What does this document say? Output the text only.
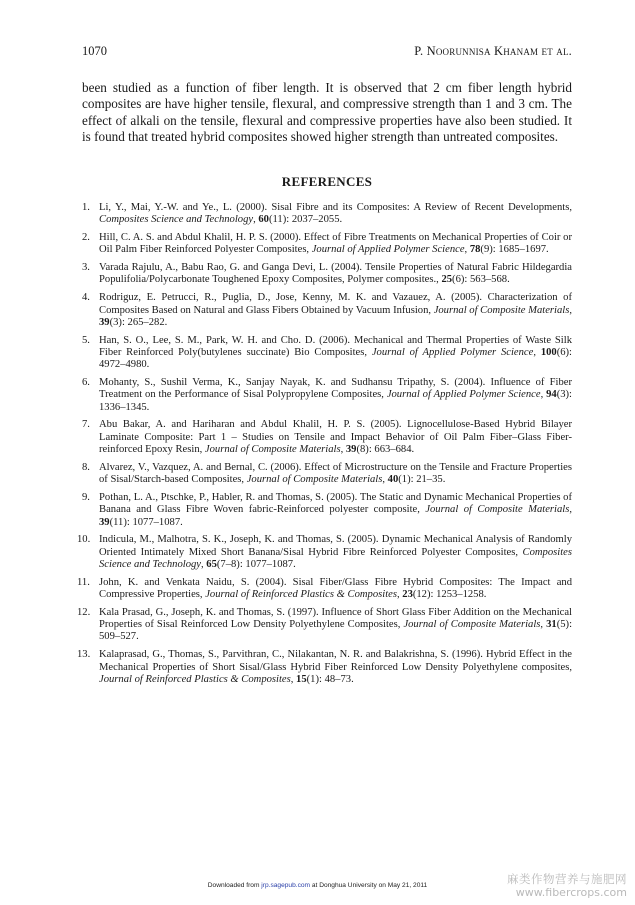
1070	P. Noorunnisa Khanam et al.

been studied as a function of fiber length. It is observed that 2 cm fiber length hybrid composites are have higher tensile, flexural, and compressive strength than 1 and 3 cm. The effect of alkali on the tensile, flexural and compressive properties have also been studied. It is found that treated hybrid composites showed higher strength than untreated composites.

REFERENCES
1. Li, Y., Mai, Y.-W. and Ye., L. (2000). Sisal Fibre and its Composites: A Review of Recent Developments, Composites Science and Technology, 60(11): 2037–2055.
2. Hill, C. A. S. and Abdul Khalil, H. P. S. (2000). Effect of Fibre Treatments on Mechanical Properties of Coir or Oil Palm Fiber Reinforced Polyester Composites, Journal of Applied Polymer Science, 78(9): 1685–1697.
3. Varada Rajulu, A., Babu Rao, G. and Ganga Devi, L. (2004). Tensile Properties of Natural Fabric Hildegardia Populifolia/Polycarbonate Toughened Epoxy Composites, Polymer composites., 25(6): 563–568.
4. Rodriguz, E. Petrucci, R., Puglia, D., Jose, Kenny, M. K. and Vazauez, A. (2005). Characterization of Composites Based on Natural and Glass Fibers Obtained by Vacuum Infusion, Journal of Composite Materials, 39(3): 265–282.
5. Han, S. O., Lee, S. M., Park, W. H. and Cho. D. (2006). Mechanical and Thermal Properties of Waste Silk Fiber Reinforced Poly(butylenes succinate) Bio Composites, Journal of Applied Polymer Science, 100(6): 4972–4980.
6. Mohanty, S., Sushil Verma, K., Sanjay Nayak, K. and Sudhansu Tripathy, S. (2004). Influence of Fiber Treatment on the Performance of Sisal Polypropylene Composites, Journal of Applied Polymer Science, 94(3): 1336–1345.
7. Abu Bakar, A. and Hariharan and Abdul Khalil, H. P. S. (2005). Lignocellulose-Based Hybrid Bilayer Laminate Composite: Part 1 – Studies on Tensile and Impact Behavior of Oil Palm Fiber–Glass Fiber-reinforced Epoxy Resin, Journal of Composite Materials, 39(8): 663–684.
8. Alvarez, V., Vazquez, A. and Bernal, C. (2006). Effect of Microstructure on the Tensile and Fracture Properties of Sisal/Starch-based Composites, Journal of Composite Materials, 40(1): 21–35.
9. Pothan, L. A., Ptschke, P., Habler, R. and Thomas, S. (2005). The Static and Dynamic Mechanical Properties of Banana and Glass Fibre Woven fabric-Reinforced polyester composite, Journal of Composite Materials, 39(11): 1077–1087.
10. Indicula, M., Malhotra, S. K., Joseph, K. and Thomas, S. (2005). Dynamic Mechanical Analysis of Randomly Oriented Intimately Mixed Short Banana/Sisal Hybrid Fibre Reinforced Polyester Composites, Composites Science and Technology, 65(7–8): 1077–1087.
11. John, K. and Venkata Naidu, S. (2004). Sisal Fiber/Glass Fibre Hybrid Composites: The Impact and Compressive Properties, Journal of Reinforced Plastics & Composites, 23(12): 1253–1258.
12. Kala Prasad, G., Joseph, K. and Thomas, S. (1997). Influence of Short Glass Fiber Addition on the Mechanical Properties of Sisal Reinforced Low Density Polyethylene Composites, Journal of Composite Materials, 31(5): 509–527.
13. Kalaprasad, G., Thomas, S., Parvithran, C., Nilakantan, N. R. and Balakrishna, S. (1996). Hybrid Effect in the Mechanical Properties of Short Sisal/Glass Hybrid Fiber Reinforced Low Density Polyethylene composites, Journal of Reinforced Plastics & Composites, 15(1): 48–73.
Downloaded from jrp.sagepub.com at Donghua University on May 21, 2011	麻类作物营养与施肥网
www.fibercrops.com
